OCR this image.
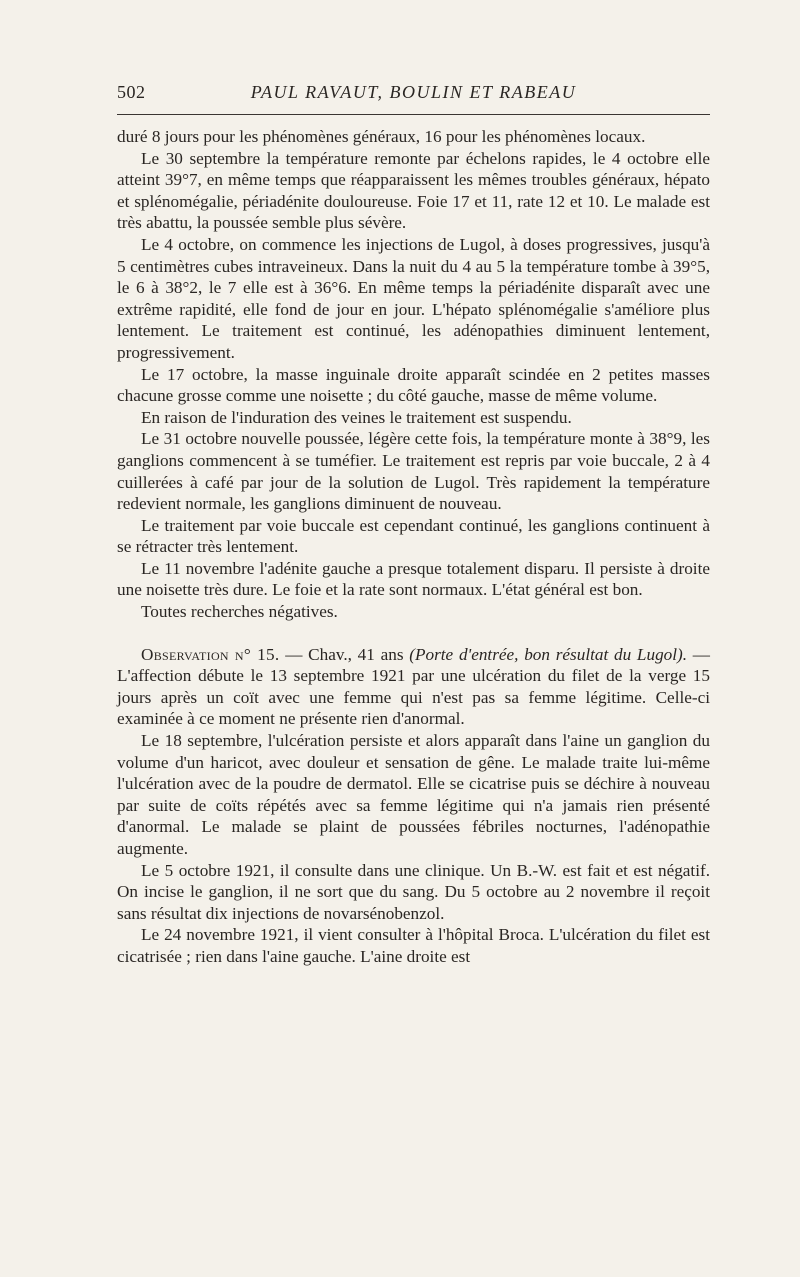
502	PAUL RAVAUT, BOULIN ET RABEAU

duré 8 jours pour les phénomènes généraux, 16 pour les phénomènes locaux.

Le 30 septembre la température remonte par échelons rapides, le 4 octobre elle atteint 39°7, en même temps que réapparaissent les mêmes troubles généraux, hépato et splénomégalie, périadénite douloureuse. Foie 17 et 11, rate 12 et 10. Le malade est très abattu, la poussée semble plus sévère.

Le 4 octobre, on commence les injections de Lugol, à doses progressives, jusqu'à 5 centimètres cubes intraveineux. Dans la nuit du 4 au 5 la température tombe à 39°5, le 6 à 38°2, le 7 elle est à 36°6. En même temps la périadénite disparaît avec une extrême rapidité, elle fond de jour en jour. L'hépato splénomégalie s'améliore plus lentement. Le traitement est continué, les adénopathies diminuent lentement, progressivement.

Le 17 octobre, la masse inguinale droite apparaît scindée en 2 petites masses chacune grosse comme une noisette ; du côté gauche, masse de même volume.

En raison de l'induration des veines le traitement est suspendu.

Le 31 octobre nouvelle poussée, légère cette fois, la température monte à 38°9, les ganglions commencent à se tuméfier. Le traitement est repris par voie buccale, 2 à 4 cuillerées à café par jour de la solution de Lugol. Très rapidement la température redevient normale, les ganglions diminuent de nouveau.

Le traitement par voie buccale est cependant continué, les ganglions continuent à se rétracter très lentement.

Le 11 novembre l'adénite gauche a presque totalement disparu. Il persiste à droite une noisette très dure. Le foie et la rate sont normaux. L'état général est bon.

Toutes recherches négatives.

Observation n° 15. — Chav., 41 ans (Porte d'entrée, bon résultat du Lugol). — L'affection débute le 13 septembre 1921 par une ulcération du filet de la verge 15 jours après un coït avec une femme qui n'est pas sa femme légitime. Celle-ci examinée à ce moment ne présente rien d'anormal.

Le 18 septembre, l'ulcération persiste et alors apparaît dans l'aine un ganglion du volume d'un haricot, avec douleur et sensation de gêne. Le malade traite lui-même l'ulcération avec de la poudre de dermatol. Elle se cicatrise puis se déchire à nouveau par suite de coïts répétés avec sa femme légitime qui n'a jamais rien présenté d'anormal. Le malade se plaint de poussées fébriles nocturnes, l'adénopathie augmente.

Le 5 octobre 1921, il consulte dans une clinique. Un B.-W. est fait et est négatif. On incise le ganglion, il ne sort que du sang. Du 5 octobre au 2 novembre il reçoit sans résultat dix injections de novarsénobenzol.

Le 24 novembre 1921, il vient consulter à l'hôpital Broca. L'ulcération du filet est cicatrisée ; rien dans l'aine gauche. L'aine droite est
